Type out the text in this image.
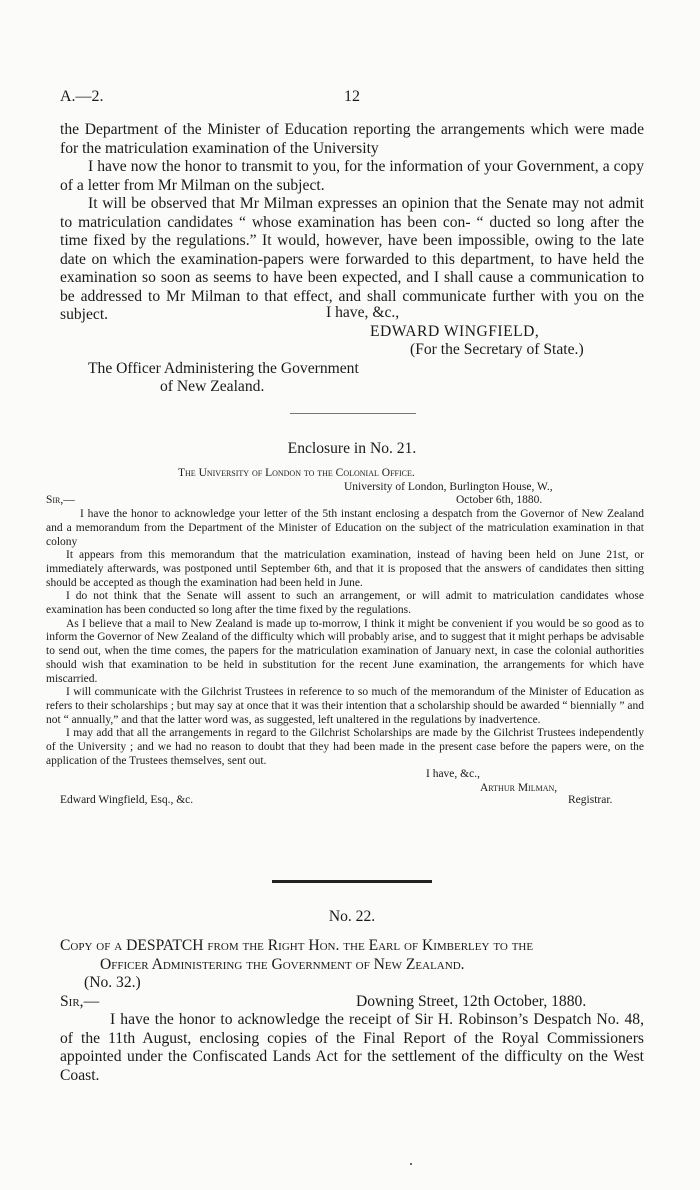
A.—2.	12

the Department of the Minister of Education reporting the arrangements which were made for the matriculation examination of the University

I have now the honor to transmit to you, for the information of your Government, a copy of a letter from Mr Milman on the subject.

It will be observed that Mr Milman expresses an opinion that the Senate may not admit to matriculation candidates “ whose examination has been con- “ ducted so long after the time fixed by the regulations.” It would, however, have been impossible, owing to the late date on which the examination-papers were forwarded to this department, to have held the examination so soon as seems to have been expected, and I shall cause a communication to be addressed to Mr Milman to that effect, and shall communicate further with you on the subject.	I have, &c.,
EDWARD WINGFIELD,
(For the Secretary of State.)
The Officer Administering the Government
of New Zealand.
Enclosure in No. 21.
The University of London to the Colonial Office.
University of London, Burlington House, W.,
Sir,—	October 6th, 1880.

I have the honor to acknowledge your letter of the 5th instant enclosing a despatch from the Governor of New Zealand and a memorandum from the Department of the Minister of Education on the subject of the matriculation examination in that colony

It appears from this memorandum that the matriculation examination, instead of having been held on June 21st, or immediately afterwards, was postponed until September 6th, and that it is proposed that the answers of candidates then sitting should be accepted as though the examination had been held in June.

I do not think that the Senate will assent to such an arrangement, or will admit to matriculation candidates whose examination has been conducted so long after the time fixed by the regulations.

As I believe that a mail to New Zealand is made up to-morrow, I think it might be convenient if you would be so good as to inform the Governor of New Zealand of the difficulty which will probably arise, and to suggest that it might perhaps be advisable to send out, when the time comes, the papers for the matriculation examination of January next, in case the colonial authorities should wish that examination to be held in substitution for the recent June examination, the arrangements for which have miscarried.

I will communicate with the Gilchrist Trustees in reference to so much of the memorandum of the Minister of Education as refers to their scholarships ; but may say at once that it was their intention that a scholarship should be awarded “ biennially ” and not “ annually,” and that the latter word was, as suggested, left unaltered in the regulations by inadvertence.

I may add that all the arrangements in regard to the Gilchrist Scholarships are made by the Gilchrist Trustees independently of the University ; and we had no reason to doubt that they had been made in the present case before the papers were, on the application of the Trustees themselves, sent out.

I have, &c.,
Arthur Milman,
Edward Wingfield, Esq., &c.	Registrar.
No. 22.
Copy of a DESPATCH from the Right Hon. the Earl of Kimberley to the
Officer Administering the Government of New Zealand.
(No. 32.)
Sir,—	Downing Street, 12th October, 1880.

I have the honor to acknowledge the receipt of Sir H. Robinson’s Despatch No. 48, of the 11th August, enclosing copies of the Final Report of the Royal Commissioners appointed under the Confiscated Lands Act for the settlement of the difficulty on the West Coast.
